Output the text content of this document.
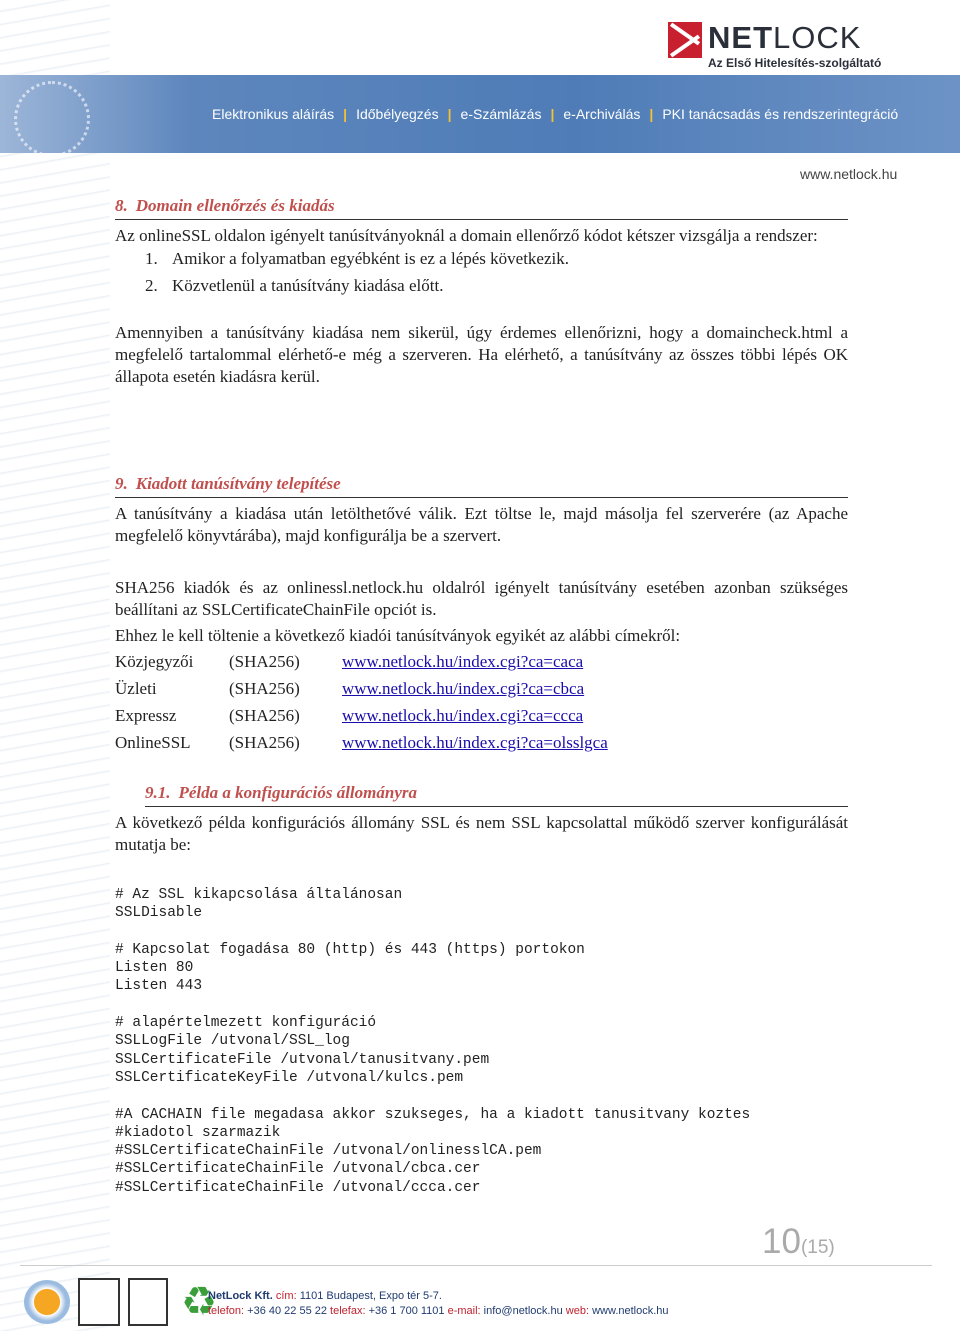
NETLOCK
Az Első Hitelesítés-szolgáltató
Elektronikus aláírás | Időbélyegzés | e-Számlázás | e-Archiválás | PKI tanácsadás és rendszerintegráció
www.netlock.hu
8. Domain ellenőrzés és kiadás

Az onlineSSL oldalon igényelt tanúsítványoknál a domain ellenőrző kódot kétszer vizsgálja a rendszer:

1. Amikor a folyamatban egyébként is ez a lépés következik.
2. Közvetlenül a tanúsítvány kiadása előtt.

Amennyiben a tanúsítvány kiadása nem sikerül, úgy érdemes ellenőrizni, hogy a domaincheck.html a megfelelő tartalommal elérhető-e még a szerveren. Ha elérhető, a tanúsítvány az összes többi lépés OK állapota esetén kiadásra kerül.

9. Kiadott tanúsítvány telepítése

A tanúsítvány a kiadása után letölthetővé válik. Ezt töltse le, majd másolja fel szerverére (az Apache megfelelő könyvtárába), majd konfigurálja be a szervert.

SHA256 kiadók és az onlinessl.netlock.hu oldalról igényelt tanúsítvány esetében azonban szükséges beállítani az SSLCertificateChainFile opciót is.

Ehhez le kell töltenie a következő kiadói tanúsítványok egyikét az alábbi címekről:

Közjegyzői	(SHA256)	www.netlock.hu/index.cgi?ca=caca
Üzleti	(SHA256)	www.netlock.hu/index.cgi?ca=cbca
Expressz	(SHA256)	www.netlock.hu/index.cgi?ca=ccca
OnlineSSL	(SHA256)	www.netlock.hu/index.cgi?ca=olsslgca
9.1. Példa a konfigurációs állományra

A következő példa konfigurációs állomány SSL és nem SSL kapcsolattal működő szerver konfigurálását mutatja be:

# Az SSL kikapcsolása általánosan
SSLDisable

# Kapcsolat fogadása 80 (http) és 443 (https) portokon
Listen 80
Listen 443

# alapértelmezett konfiguráció
SSLLogFile /utvonal/SSL_log
SSLCertificateFile /utvonal/tanusitvany.pem
SSLCertificateKeyFile /utvonal/kulcs.pem

#A CACHAIN file megadasa akkor szukseges, ha a kiadott tanusitvany koztes
#kiadotol szarmazik
#SSLCertificateChainFile /utvonal/onlinesslCA.pem
#SSLCertificateChainFile /utvonal/cbca.cer
#SSLCertificateChainFile /utvonal/ccca.cer
10(15)
♻
NetLock Kft. cím: 1101 Budapest, Expo tér 5-7.
telefon: +36 40 22 55 22 telefax: +36 1 700 1101 e-mail: info@netlock.hu web: www.netlock.hu
